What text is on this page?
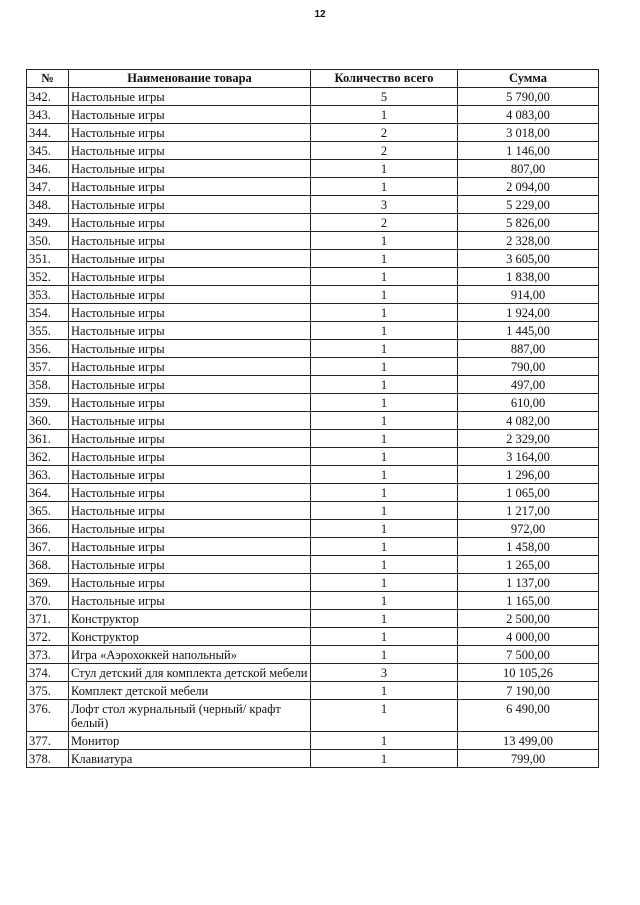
12
№	Наименование товара	Количество всего	Сумма
342.	Настольные игры	5	5 790,00
343.	Настольные игры	1	4 083,00
344.	Настольные игры	2	3 018,00
345.	Настольные игры	2	1 146,00
346.	Настольные игры	1	807,00
347.	Настольные игры	1	2 094,00
348.	Настольные игры	3	5 229,00
349.	Настольные игры	2	5 826,00
350.	Настольные игры	1	2 328,00
351.	Настольные игры	1	3 605,00
352.	Настольные игры	1	1 838,00
353.	Настольные игры	1	914,00
354.	Настольные игры	1	1 924,00
355.	Настольные игры	1	1 445,00
356.	Настольные игры	1	887,00
357.	Настольные игры	1	790,00
358.	Настольные игры	1	497,00
359.	Настольные игры	1	610,00
360.	Настольные игры	1	4 082,00
361.	Настольные игры	1	2 329,00
362.	Настольные игры	1	3 164,00
363.	Настольные игры	1	1 296,00
364.	Настольные игры	1	1 065,00
365.	Настольные игры	1	1 217,00
366.	Настольные игры	1	972,00
367.	Настольные игры	1	1 458,00
368.	Настольные игры	1	1 265,00
369.	Настольные игры	1	1 137,00
370.	Настольные игры	1	1 165,00
371.	Конструктор	1	2 500,00
372.	Конструктор	1	4 000,00
373.	Игра «Аэрохоккей напольный»	1	7 500,00
374.	Стул детский для комплекта детской мебели	3	10 105,26
375.	Комплект детской мебели	1	7 190,00
376.	Лофт стол журнальный (черный/ крафт белый)	1	6 490,00
377.	Монитор	1	13 499,00
378.	Клавиатура	1	799,00
